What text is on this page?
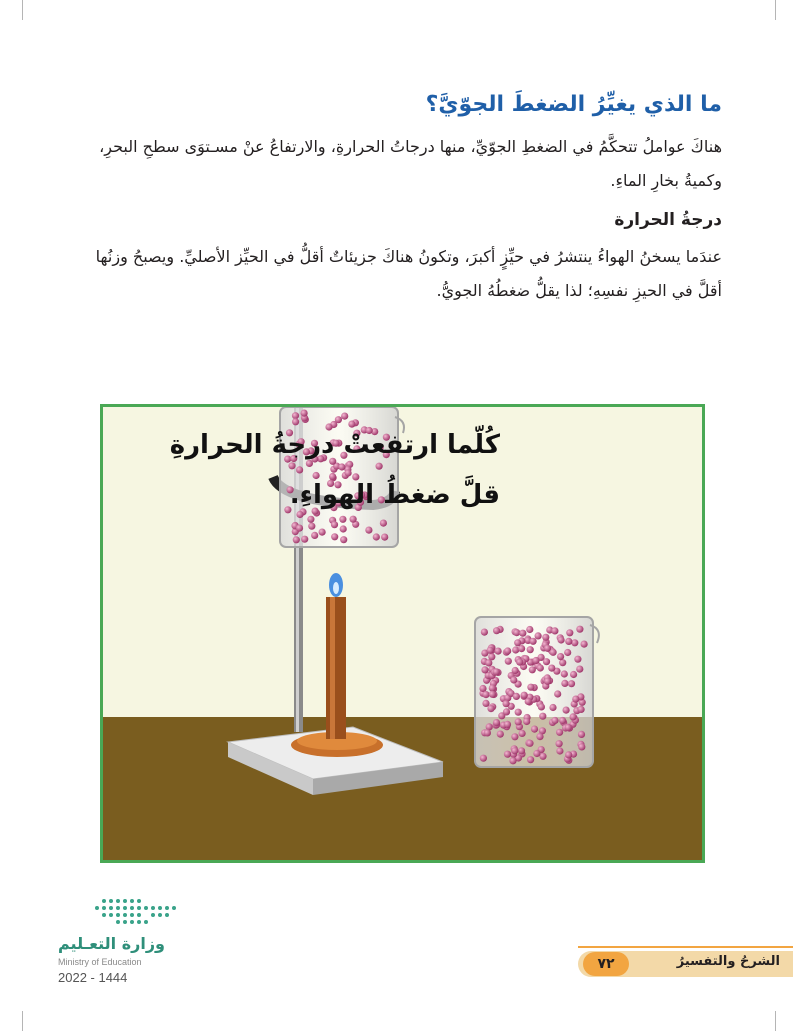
ما الذي يغيِّرُ الضغطَ الجوّيَّ؟
هناكَ عواملُ تتحكَّمُ في الضغطِ الجوّيِّ، منها درجاتُ الحرارةِ، والارتفاعُ عنْ مسـتوَى سطحِ البحرِ، وكميةُ بخارِ الماءِ.
درجةُ الحرارة
عندَما يسخنُ الهواءُ ينتشرُ في حيِّزٍ أكبرَ، وتكونُ هناكَ جزيئاتٌ أقلُّ في الحيِّز الأصليِّ. ويصبحُ وزنُها أقلَّ في الحيزِ نفسِهِ؛ لذا يقلُّ ضغطُهُ الجويُّ.
كُلّما ارتفعتْ درجةُ الحرارةِ
قلَّ ضغطُ الهواءِ.
وزارة التعـليم
Ministry of Education
2022 - 1444
الشرحُ والتفسيرُ
٧٢
